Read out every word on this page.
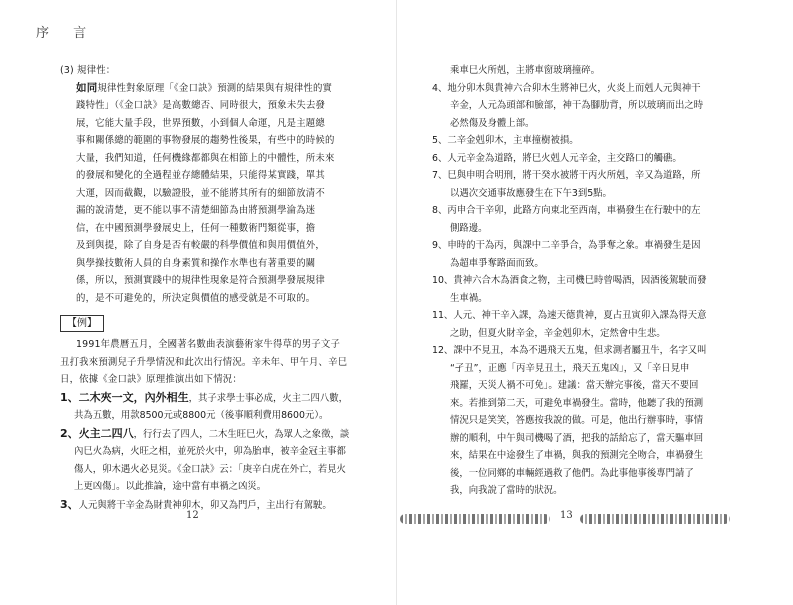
序 言

(3) 規律性：

如同規律性對象原理「《金口訣》預測的結果與有規律性的實

踐特性」（《金口訣》是高數總否、同時很大，預象未失去發

展，它能大量手段，世界預數，小到個人命運，凡是主題總

事和關係總的範圍的事物發展的趨勢性後果，有些中的時候的

大量，我們知道，任何機緣都都與在相節上的中體性，所未來

的發展和變化的全過程並存總體結果，只能得某實踐，單其

大運，因而截觀，以驗證股，並不能將其所有的細節放清不

漏的說清楚，更不能以事不清楚細節為由將預測學淪為迷

信，在中國預測學發展史上，任何一種數術門類從事，擔

及到與提，除了自身是否有較嚴的科學價值和與用價值外，

與學操技數術人員的自身素質和操作水準也有著重要的關

係，所以，預測實踐中的規律性現象是符合預測學發展規律

的，是不可避免的，所決定與價值的感受就是不可取的。

【例】

1991年農曆五月，全國著名數曲表演藝術家牛得草的男子文子

丑打我來預測兒子升學情況和此次出行情況。辛未年、甲午月、辛巳

日，依據《金口訣》原理推演出如下情況：

1、二木夾一文，內外相生，其子求學士事必成，火主二四八數，共為五數，用款8500元或8800元（後事順利費用8600元）。

2、火主二四八，行行去了四人，二木生旺巳火，為眾人之象徵，談內巳火為病，火旺之相，並死於火中，卯為胎車，被辛金冠主事都傷人，卯木遇火必見災。《金口訣》云：「庚辛白虎在外亡，若見火上更凶傷」。以此推論，途中當有車禍之凶災。

3、人元與將干辛金為財貴神卯木，卯又為門戶，主出行有駕駛。

乘車巳火所剋，主將車窗玻璃撞碎。

4、地分卯木與貴神六合卯木生將神巳火，火炎上而剋人元與神干

辛金，人元為頭部和臉部，神干為腳肋背，所以玻璃而出之時

必然傷及身體上部。

5、二辛金剋卯木，主車撞樹被損。

6、人元辛金為道路，將巳火剋人元辛金，主交路口的觸礁。

7、巳與申明合明刑，將干癸水被將干丙火所剋，辛又為道路，所

以遇次交通事故應發生在下午3到5點。

8、丙申合干辛卯，此路方向東北至西南，車禍發生在行駛中的左

側路邊。

9、申時的干為丙，與課中二辛爭合，為爭奪之象。車禍發生是因

為超車爭奪路面而致。

10、貴神六合木為酒食之物，主司機巳時曾喝酒，因酒後駕駛而發

生車禍。

11、人元、神干辛入課，為速天德貴神，夏占丑寅卯入課為得天意

之助，但夏火財辛金，辛金剋卯木，定然會中生悲。

12、課中不見丑，本為不遇飛天五鬼，但求測者屬丑牛，名字又叫

“孑丑”，正應「丙辛見丑土，飛天五鬼凶」，又「辛日見申

飛羅，天災人禍不可免」。建議：當天辦完事後，當天不要回

來。若推到第二天，可避免車禍發生。當時，他聽了我的預測

情況只是笑笑，答應按我說的做。可是，他出行辦事時，事情

辦的順利，中午與司機喝了酒，把我的話給忘了，當天驅車回

來，結果在中途發生了車禍，與我的預測完全吻合，車禍發生

後，一位同鄉的車輛經過救了他們。為此事他事後專門請了

我，向我說了當時的狀況。

12	13
